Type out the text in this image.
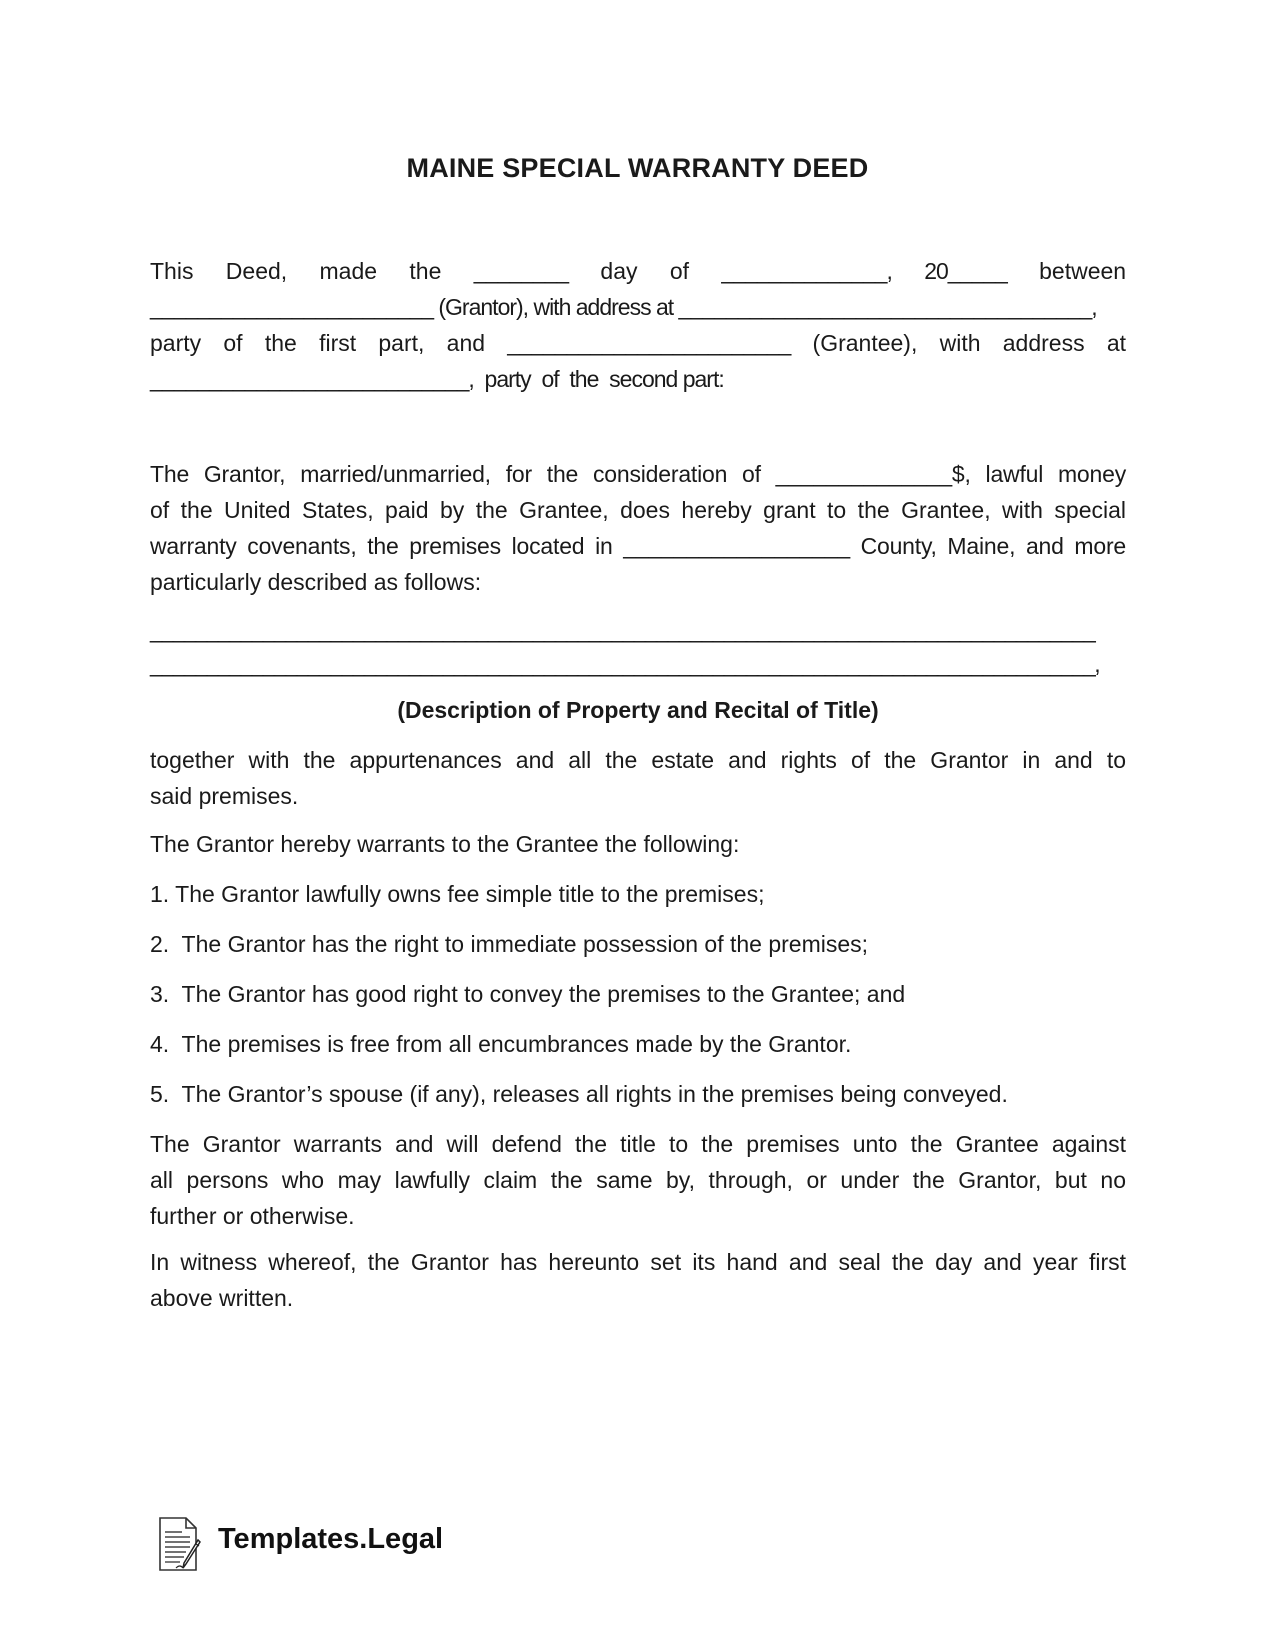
MAINE SPECIAL WARRANTY DEED
This Deed, made the ________ day of ______________, 20_____ between
________________________ (Grantor), with address at ___________________________________,
party of the first part, and ________________________ (Grantee), with address at
___________________________,  party  of  the  second part:
The Grantor, married/unmarried, for the consideration of ______________$, lawful money
of the United States, paid by the Grantee, does hereby grant to the Grantee, with special
warranty covenants, the premises located in __________________ County, Maine, and more
particularly described as follows:
____________________________________________________________________________________
____________________________________________________________________________________,
(Description of Property and Recital of Title)
together with the appurtenances and all the estate and rights of the Grantor in and to
said premises.
The Grantor hereby warrants to the Grantee the following:
1. The Grantor lawfully owns fee simple title to the premises;
2.  The Grantor has the right to immediate possession of the premises;
3.  The Grantor has good right to convey the premises to the Grantee; and
4.  The premises is free from all encumbrances made by the Grantor.
5.  The Grantor’s spouse (if any), releases all rights in the premises being conveyed.
The Grantor warrants and will defend the title to the premises unto the Grantee against
all persons who may lawfully claim the same by, through, or under the Grantor, but no
further or otherwise.
In witness whereof, the Grantor has hereunto set its hand and seal the day and year first
above written.
Templates.Legal
